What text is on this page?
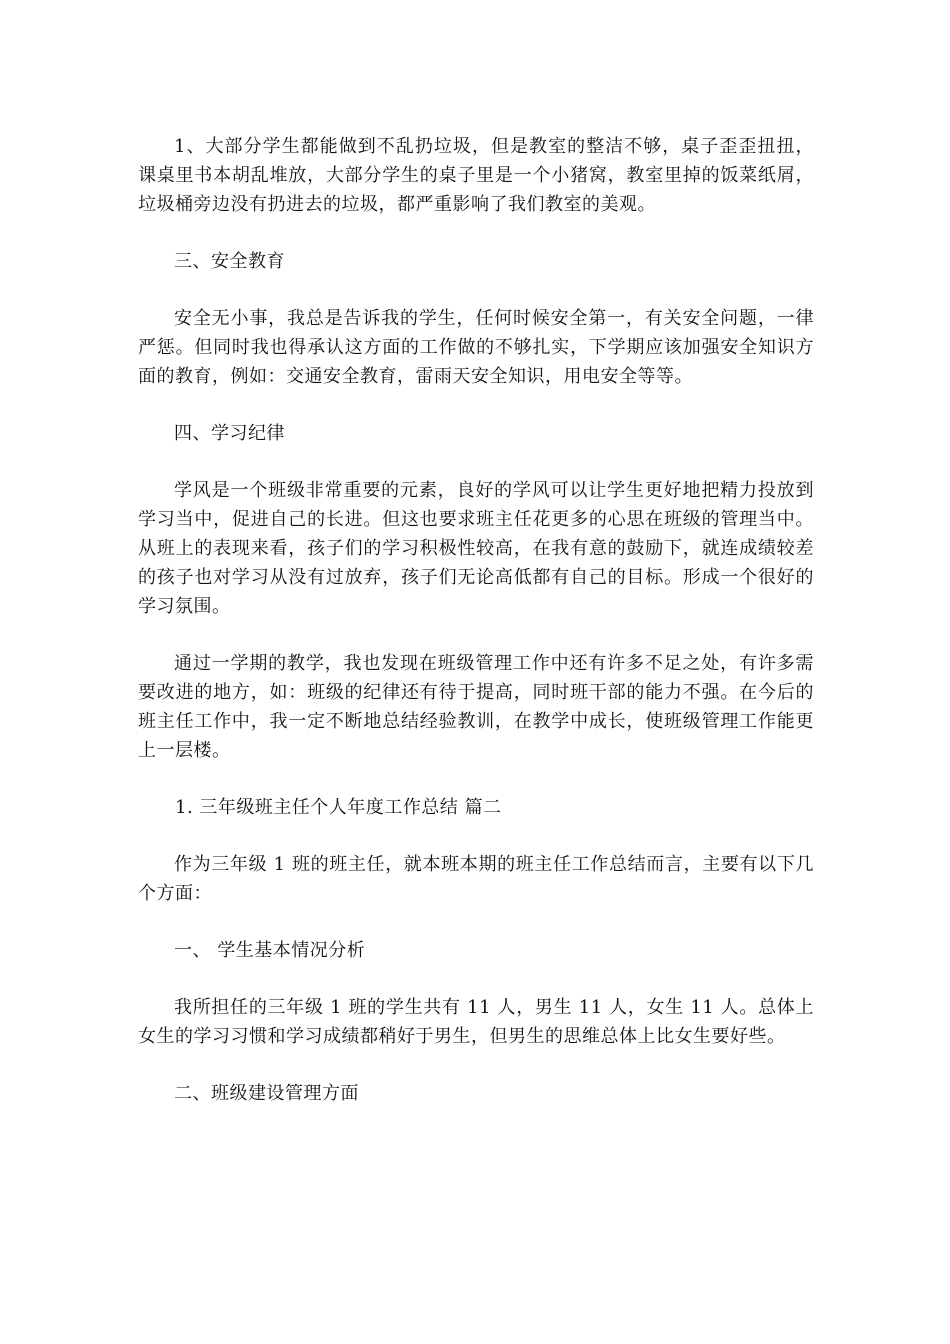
1、大部分学生都能做到不乱扔垃圾，但是教室的整洁不够，桌子歪歪扭扭，课桌里书本胡乱堆放，大部分学生的桌子里是一个小猪窝，教室里掉的饭菜纸屑，垃圾桶旁边没有扔进去的垃圾，都严重影响了我们教室的美观。

三、安全教育

安全无小事，我总是告诉我的学生，任何时候安全第一，有关安全问题，一律严惩。但同时我也得承认这方面的工作做的不够扎实，下学期应该加强安全知识方面的教育，例如：交通安全教育，雷雨天安全知识，用电安全等等。

四、学习纪律

学风是一个班级非常重要的元素，良好的学风可以让学生更好地把精力投放到学习当中，促进自己的长进。但这也要求班主任花更多的心思在班级的管理当中。从班上的表现来看，孩子们的学习积极性较高，在我有意的鼓励下，就连成绩较差的孩子也对学习从没有过放弃，孩子们无论高低都有自己的目标。形成一个很好的学习氛围。

通过一学期的教学，我也发现在班级管理工作中还有许多不足之处，有许多需要改进的地方，如：班级的纪律还有待于提高，同时班干部的能力不强。在今后的班主任工作中，我一定不断地总结经验教训，在教学中成长，使班级管理工作能更上一层楼。

1. 三年级班主任个人年度工作总结 篇二

作为三年级 1 班的班主任，就本班本期的班主任工作总结而言，主要有以下几个方面：

一、 学生基本情况分析

我所担任的三年级 1 班的学生共有 11 人，男生 11 人，女生 11 人。总体上女生的学习习惯和学习成绩都稍好于男生，但男生的思维总体上比女生要好些。

二、班级建设管理方面
